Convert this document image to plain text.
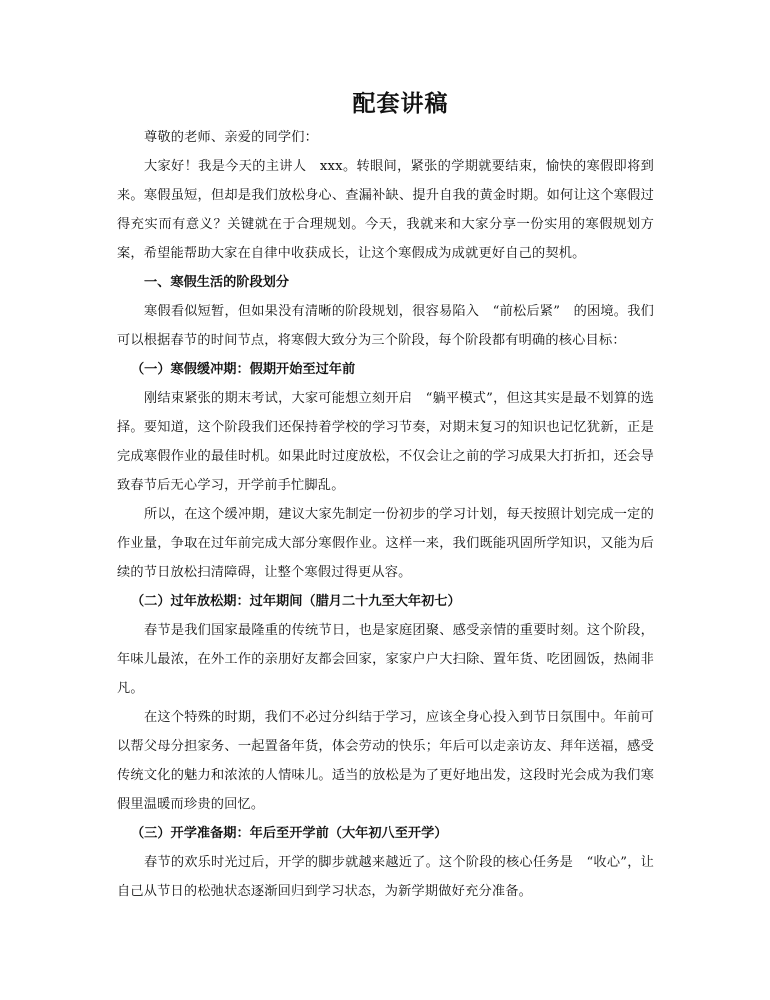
配套讲稿

尊敬的老师、亲爱的同学们：

大家好！我是今天的主讲人　xxx。转眼间，紧张的学期就要结束，愉快的寒假即将到来。寒假虽短，但却是我们放松身心、查漏补缺、提升自我的黄金时期。如何让这个寒假过得充实而有意义？关键就在于合理规划。今天，我就来和大家分享一份实用的寒假规划方案，希望能帮助大家在自律中收获成长，让这个寒假成为成就更好自己的契机。

一、寒假生活的阶段划分

寒假看似短暂，但如果没有清晰的阶段规划，很容易陷入　“前松后紧”　的困境。我们可以根据春节的时间节点，将寒假大致分为三个阶段，每个阶段都有明确的核心目标：

（一）寒假缓冲期：假期开始至过年前

刚结束紧张的期末考试，大家可能想立刻开启　“躺平模式”，但这其实是最不划算的选择。要知道，这个阶段我们还保持着学校的学习节奏，对期末复习的知识也记忆犹新，正是完成寒假作业的最佳时机。如果此时过度放松，不仅会让之前的学习成果大打折扣，还会导致春节后无心学习，开学前手忙脚乱。

所以，在这个缓冲期，建议大家先制定一份初步的学习计划，每天按照计划完成一定的作业量，争取在过年前完成大部分寒假作业。这样一来，我们既能巩固所学知识，又能为后续的节日放松扫清障碍，让整个寒假过得更从容。

（二）过年放松期：过年期间（腊月二十九至大年初七）

春节是我们国家最隆重的传统节日，也是家庭团聚、感受亲情的重要时刻。这个阶段，年味儿最浓，在外工作的亲朋好友都会回家，家家户户大扫除、置年货、吃团圆饭，热闹非凡。

在这个特殊的时期，我们不必过分纠结于学习，应该全身心投入到节日氛围中。年前可以帮父母分担家务、一起置备年货，体会劳动的快乐；年后可以走亲访友、拜年送福，感受传统文化的魅力和浓浓的人情味儿。适当的放松是为了更好地出发，这段时光会成为我们寒假里温暖而珍贵的回忆。

（三）开学准备期：年后至开学前（大年初八至开学）

春节的欢乐时光过后，开学的脚步就越来越近了。这个阶段的核心任务是　“收心”，让自己从节日的松弛状态逐渐回归到学习状态，为新学期做好充分准备。
